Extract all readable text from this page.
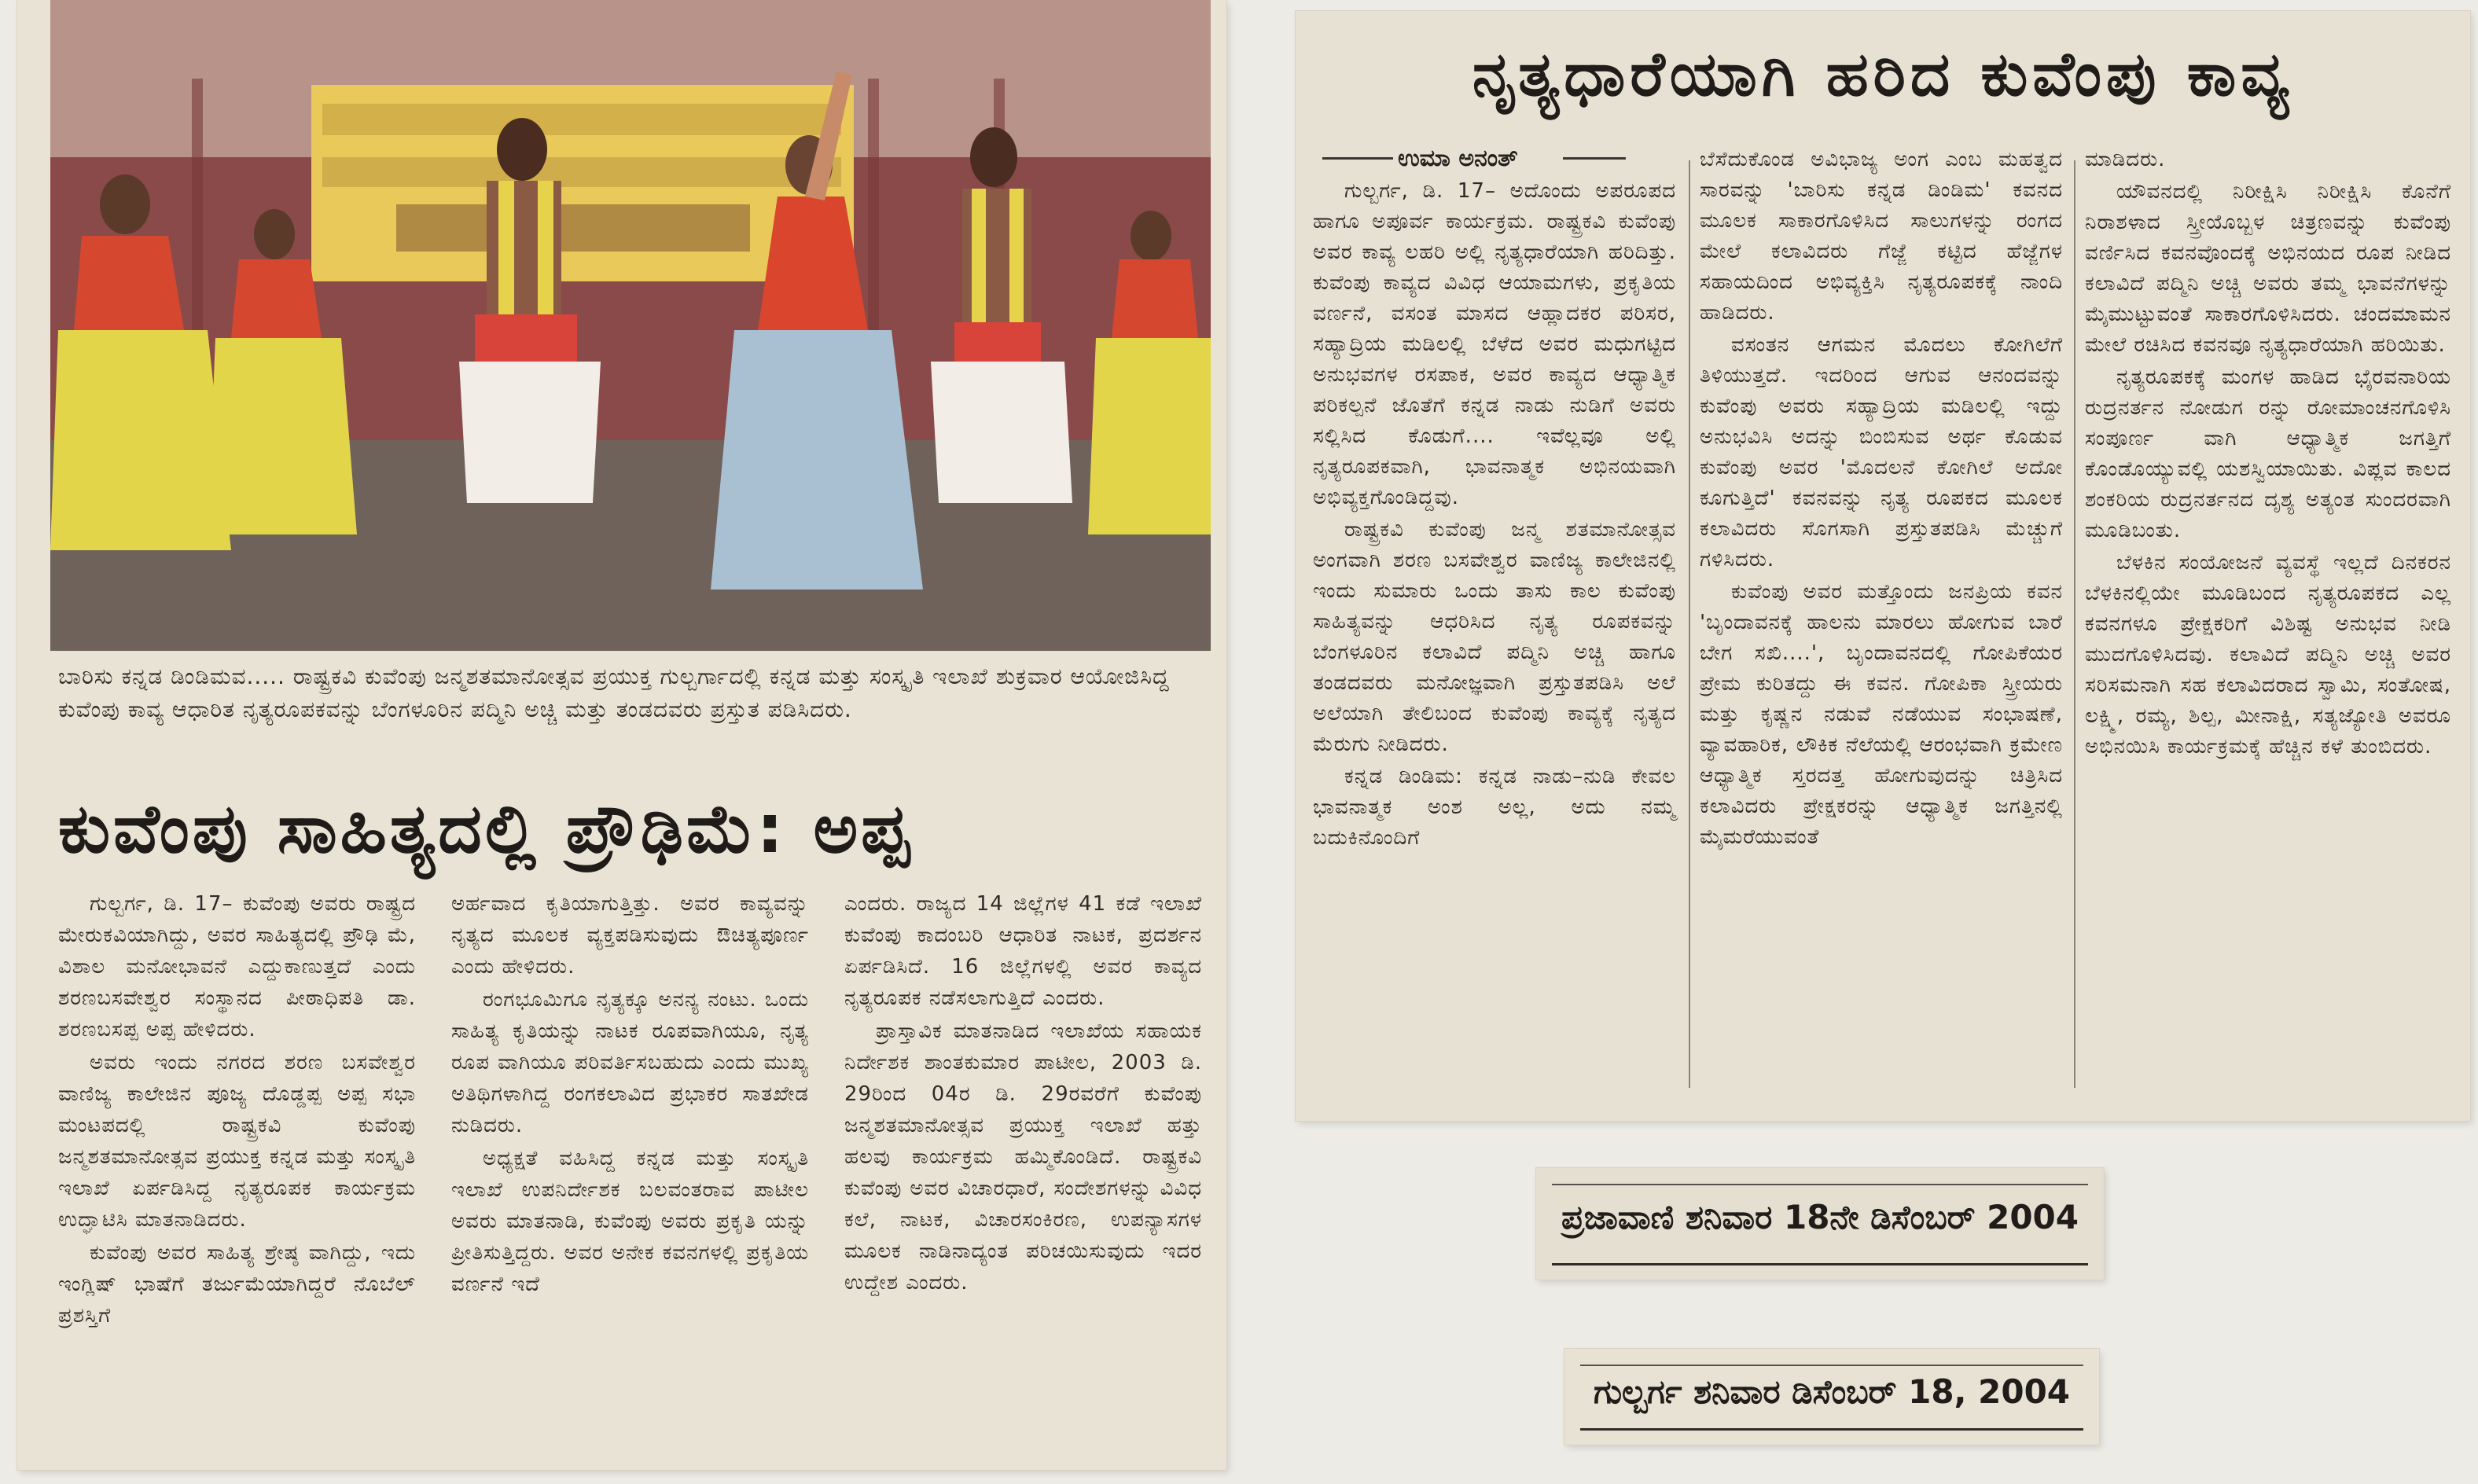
ಬಾರಿಸು ಕನ್ನಡ ಡಿಂಡಿಮವ..... ರಾಷ್ಟ್ರಕವಿ ಕುವೆಂಪು ಜನ್ಮಶತಮಾನೋತ್ಸವ ಪ್ರಯುಕ್ತ ಗುಲ್ಬರ್ಗಾದಲ್ಲಿ ಕನ್ನಡ ಮತ್ತು ಸಂಸ್ಕೃತಿ ಇಲಾಖೆ ಶುಕ್ರವಾರ ಆಯೋಜಿಸಿದ್ದ ಕುವೆಂಪು ಕಾವ್ಯ ಆಧಾರಿತ ನೃತ್ಯರೂಪಕವನ್ನು ಬೆಂಗಳೂರಿನ ಪದ್ಮಿನಿ ಅಚ್ಚಿ ಮತ್ತು ತಂಡದವರು ಪ್ರಸ್ತುತ ಪಡಿಸಿದರು.
ಕುವೆಂಪು ಸಾಹಿತ್ಯದಲ್ಲಿ ಪ್ರೌಢಿಮೆ: ಅಪ್ಪ

ಗುಲ್ಬರ್ಗ, ಡಿ. 17– ಕುವೆಂಪು ಅವರು ರಾಷ್ಟ್ರದ ಮೇರುಕವಿಯಾಗಿದ್ದು, ಅವರ ಸಾಹಿತ್ಯದಲ್ಲಿ ಪ್ರೌಢಿ ಮೆ, ವಿಶಾಲ ಮನೋಭಾವನೆ ಎದ್ದುಕಾಣುತ್ತದೆ ಎಂದು ಶರಣಬಸವೇಶ್ವರ ಸಂಸ್ಥಾನದ ಪೀಠಾಧಿಪತಿ ಡಾ. ಶರಣಬಸಪ್ಪ ಅಪ್ಪ ಹೇಳಿದರು.

ಅವರು ಇಂದು ನಗರದ ಶರಣ ಬಸವೇಶ್ವರ ವಾಣಿಜ್ಯ ಕಾಲೇಜಿನ ಪೂಜ್ಯ ದೊಡ್ಡಪ್ಪ ಅಪ್ಪ ಸಭಾ ಮಂಟಪದಲ್ಲಿ ರಾಷ್ಟ್ರಕವಿ ಕುವೆಂಪು ಜನ್ಮಶತಮಾನೋತ್ಸವ ಪ್ರಯುಕ್ತ ಕನ್ನಡ ಮತ್ತು ಸಂಸ್ಕೃತಿ ಇಲಾಖೆ ಏರ್ಪಡಿಸಿದ್ದ ನೃತ್ಯರೂಪಕ ಕಾರ್ಯಕ್ರಮ ಉದ್ಘಾಟಿಸಿ ಮಾತನಾಡಿದರು.

ಕುವೆಂಪು ಅವರ ಸಾಹಿತ್ಯ ಶ್ರೇಷ್ಠ ವಾಗಿದ್ದು, ಇದು ಇಂಗ್ಲಿಷ್ ಭಾಷೆಗೆ ತರ್ಜುಮೆಯಾಗಿದ್ದರೆ ನೊಬೆಲ್ ಪ್ರಶಸ್ತಿಗೆ

ಅರ್ಹವಾದ ಕೃತಿಯಾಗುತ್ತಿತ್ತು. ಅವರ ಕಾವ್ಯವನ್ನು ನೃತ್ಯದ ಮೂಲಕ ವ್ಯಕ್ತಪಡಿಸುವುದು ಔಚಿತ್ಯಪೂರ್ಣ ಎಂದು ಹೇಳಿದರು.

ರಂಗಭೂಮಿಗೂ ನೃತ್ಯಕ್ಕೂ ಅನನ್ಯ ನಂಟು. ಒಂದು ಸಾಹಿತ್ಯ ಕೃತಿಯನ್ನು ನಾಟಕ ರೂಪವಾಗಿಯೂ, ನೃತ್ಯ ರೂಪ ವಾಗಿಯೂ ಪರಿವರ್ತಿಸಬಹುದು ಎಂದು ಮುಖ್ಯ ಅತಿಥಿಗಳಾಗಿದ್ದ ರಂಗಕಲಾವಿದ ಪ್ರಭಾಕರ ಸಾತಖೇಡ ನುಡಿದರು.

ಅಧ್ಯಕ್ಷತೆ ವಹಿಸಿದ್ದ ಕನ್ನಡ ಮತ್ತು ಸಂಸ್ಕೃತಿ ಇಲಾಖೆ ಉಪನಿರ್ದೇಶಕ ಬಲವಂತರಾವ ಪಾಟೀಲ ಅವರು ಮಾತನಾಡಿ, ಕುವೆಂಪು ಅವರು ಪ್ರಕೃತಿ ಯನ್ನು ಪ್ರೀತಿಸುತ್ತಿದ್ದರು. ಅವರ ಅನೇಕ ಕವನಗಳಲ್ಲಿ ಪ್ರಕೃತಿಯ ವರ್ಣನೆ ಇದೆ

ಎಂದರು. ರಾಜ್ಯದ 14 ಜಿಲ್ಲೆಗಳ 41 ಕಡೆ ಇಲಾಖೆ ಕುವೆಂಪು ಕಾದಂಬರಿ ಆಧಾರಿತ ನಾಟಕ, ಪ್ರದರ್ಶನ ಏರ್ಪಡಿಸಿದೆ. 16 ಜಿಲ್ಲೆಗಳಲ್ಲಿ ಅವರ ಕಾವ್ಯದ ನೃತ್ಯರೂಪಕ ನಡೆಸಲಾಗುತ್ತಿದೆ ಎಂದರು.

ಪ್ರಾಸ್ತಾವಿಕ ಮಾತನಾಡಿದ ಇಲಾಖೆಯ ಸಹಾಯಕ ನಿರ್ದೇಶಕ ಶಾಂತಕುಮಾರ ಪಾಟೀಲ, 2003 ಡಿ. 29ರಿಂದ 04ರ ಡಿ. 29ರವರೆಗೆ ಕುವೆಂಪು ಜನ್ಮಶತಮಾನೋತ್ಸವ ಪ್ರಯುಕ್ತ ಇಲಾಖೆ ಹತ್ತು ಹಲವು ಕಾರ್ಯಕ್ರಮ ಹಮ್ಮಿಕೊಂಡಿದೆ. ರಾಷ್ಟ್ರಕವಿ ಕುವೆಂಪು ಅವರ ವಿಚಾರಧಾರೆ, ಸಂದೇಶಗಳನ್ನು ವಿವಿಧ ಕಲೆ, ನಾಟಕ, ವಿಚಾರಸಂಕಿರಣ, ಉಪನ್ಯಾಸಗಳ ಮೂಲಕ ನಾಡಿನಾದ್ಯಂತ ಪರಿಚಯಿಸುವುದು ಇದರ ಉದ್ದೇಶ ಎಂದರು.

ನೃತ್ಯಧಾರೆಯಾಗಿ ಹರಿದ ಕುವೆಂಪು ಕಾವ್ಯ
ಉಮಾ ಅನಂತ್

ಗುಲ್ಬರ್ಗ, ಡಿ. 17– ಅದೊಂದು ಅಪರೂಪದ ಹಾಗೂ ಅಪೂರ್ವ ಕಾರ್ಯಕ್ರಮ. ರಾಷ್ಟ್ರಕವಿ ಕುವೆಂಪು ಅವರ ಕಾವ್ಯ ಲಹರಿ ಅಲ್ಲಿ ನೃತ್ಯಧಾರೆಯಾಗಿ ಹರಿದಿತ್ತು. ಕುವೆಂಪು ಕಾವ್ಯದ ವಿವಿಧ ಆಯಾಮಗಳು, ಪ್ರಕೃತಿಯ ವರ್ಣನೆ, ವಸಂತ ಮಾಸದ ಆಹ್ಲಾದಕರ ಪರಿಸರ, ಸಹ್ಯಾದ್ರಿಯ ಮಡಿಲಲ್ಲಿ ಬೆಳೆದ ಅವರ ಮಧುಗಟ್ಟಿದ ಅನುಭವಗಳ ರಸಪಾಕ, ಅವರ ಕಾವ್ಯದ ಆಧ್ಯಾತ್ಮಿಕ ಪರಿಕಲ್ಪನೆ ಜೊತೆಗೆ ಕನ್ನಡ ನಾಡು ನುಡಿಗೆ ಅವರು ಸಲ್ಲಿಸಿದ ಕೊಡುಗೆ.... ಇವೆಲ್ಲವೂ ಅಲ್ಲಿ ನೃತ್ಯರೂಪಕವಾಗಿ, ಭಾವನಾತ್ಮಕ ಅಭಿನಯವಾಗಿ ಅಭಿವ್ಯಕ್ತಗೊಂಡಿದ್ದವು.

ರಾಷ್ಟ್ರಕವಿ ಕುವೆಂಪು ಜನ್ಮ ಶತಮಾನೋತ್ಸವ ಅಂಗವಾಗಿ ಶರಣ ಬಸವೇಶ್ವರ ವಾಣಿಜ್ಯ ಕಾಲೇಜಿನಲ್ಲಿ ಇಂದು ಸುಮಾರು ಒಂದು ತಾಸು ಕಾಲ ಕುವೆಂಪು ಸಾಹಿತ್ಯವನ್ನು ಆಧರಿಸಿದ ನೃತ್ಯ ರೂಪಕವನ್ನು ಬೆಂಗಳೂರಿನ ಕಲಾವಿದೆ ಪದ್ಮಿನಿ ಅಚ್ಚಿ ಹಾಗೂ ತಂಡದವರು ಮನೋಜ್ಞವಾಗಿ ಪ್ರಸ್ತುತಪಡಿಸಿ ಅಲೆ ಅಲೆಯಾಗಿ ತೇಲಿಬಂದ ಕುವೆಂಪು ಕಾವ್ಯಕ್ಕೆ ನೃತ್ಯದ ಮೆರುಗು ನೀಡಿದರು.

ಕನ್ನಡ ಡಿಂಡಿಮ: ಕನ್ನಡ ನಾಡು–ನುಡಿ ಕೇವಲ ಭಾವನಾತ್ಮಕ ಅಂಶ ಅಲ್ಲ, ಅದು ನಮ್ಮ ಬದುಕಿನೊಂದಿಗೆ

ಬೆಸೆದುಕೊಂಡ ಅವಿಭಾಜ್ಯ ಅಂಗ ಎಂಬ ಮಹತ್ವದ ಸಾರವನ್ನು 'ಬಾರಿಸು ಕನ್ನಡ ಡಿಂಡಿಮ' ಕವನದ ಮೂಲಕ ಸಾಕಾರಗೊಳಿಸಿದ ಸಾಲುಗಳನ್ನು ರಂಗದ ಮೇಲೆ ಕಲಾವಿದರು ಗೆಜ್ಜೆ ಕಟ್ಟಿದ ಹೆಜ್ಜೆಗಳ ಸಹಾಯದಿಂದ ಅಭಿವ್ಯಕ್ತಿಸಿ ನೃತ್ಯರೂಪಕಕ್ಕೆ ನಾಂದಿ ಹಾಡಿದರು.

ವಸಂತನ ಆಗಮನ ಮೊದಲು ಕೋಗಿಲೆಗೆ ತಿಳಿಯುತ್ತದೆ. ಇದರಿಂದ ಆಗುವ ಆನಂದವನ್ನು ಕುವೆಂಪು ಅವರು ಸಹ್ಯಾದ್ರಿಯ ಮಡಿಲಲ್ಲಿ ಇದ್ದು ಅನುಭವಿಸಿ ಅದನ್ನು ಬಿಂಬಿಸುವ ಅರ್ಥ ಕೊಡುವ ಕುವೆಂಪು ಅವರ 'ಮೊದಲನೆ ಕೋಗಿಲೆ ಅದೋ ಕೂಗುತ್ತಿದೆ' ಕವನವನ್ನು ನೃತ್ಯ ರೂಪಕದ ಮೂಲಕ ಕಲಾವಿದರು ಸೊಗಸಾಗಿ ಪ್ರಸ್ತುತಪಡಿಸಿ ಮೆಚ್ಚುಗೆ ಗಳಿಸಿದರು.

ಕುವೆಂಪು ಅವರ ಮತ್ತೊಂದು ಜನಪ್ರಿಯ ಕವನ 'ಬೃಂದಾವನಕ್ಕೆ ಹಾಲನು ಮಾರಲು ಹೋಗುವ ಬಾರೆ ಬೇಗ ಸಖಿ....', ಬೃಂದಾವನದಲ್ಲಿ ಗೋಪಿಕೆಯರ ಪ್ರೇಮ ಕುರಿತದ್ದು ಈ ಕವನ. ಗೋಪಿಕಾ ಸ್ತ್ರೀಯರು ಮತ್ತು ಕೃಷ್ಣನ ನಡುವೆ ನಡೆಯುವ ಸಂಭಾಷಣೆ, ವ್ಯಾವಹಾರಿಕ, ಲೌಕಿಕ ನೆಲೆಯಲ್ಲಿ ಆರಂಭವಾಗಿ ಕ್ರಮೇಣ ಆಧ್ಯಾತ್ಮಿಕ ಸ್ತರದತ್ತ ಹೋಗುವುದನ್ನು ಚಿತ್ರಿಸಿದ ಕಲಾವಿದರು ಪ್ರೇಕ್ಷಕರನ್ನು ಆಧ್ಯಾತ್ಮಿಕ ಜಗತ್ತಿನಲ್ಲಿ ಮೈಮರೆಯುವಂತೆ

ಮಾಡಿದರು.

ಯೌವನದಲ್ಲಿ ನಿರೀಕ್ಷಿಸಿ ನಿರೀಕ್ಷಿಸಿ ಕೊನೆಗೆ ನಿರಾಶಳಾದ ಸ್ತ್ರೀಯೊಬ್ಬಳ ಚಿತ್ರಣವನ್ನು ಕುವೆಂಪು ವರ್ಣಿಸಿದ ಕವನವೊಂದಕ್ಕೆ ಅಭಿನಯದ ರೂಪ ನೀಡಿದ ಕಲಾವಿದೆ ಪದ್ಮಿನಿ ಅಚ್ಚಿ ಅವರು ತಮ್ಮ ಭಾವನೆಗಳನ್ನು ಮೈಮುಟ್ಟುವಂತೆ ಸಾಕಾರಗೊಳಿಸಿದರು. ಚಂದಮಾಮನ ಮೇಲೆ ರಚಿಸಿದ ಕವನವೂ ನೃತ್ಯಧಾರೆಯಾಗಿ ಹರಿಯಿತು.

ನೃತ್ಯರೂಪಕಕ್ಕೆ ಮಂಗಳ ಹಾಡಿದ ಭೈರವನಾರಿಯ ರುದ್ರನರ್ತನ ನೋಡುಗ ರನ್ನು ರೋಮಾಂಚನಗೊಳಿಸಿ ಸಂಪೂರ್ಣ ವಾಗಿ ಆಧ್ಯಾತ್ಮಿಕ ಜಗತ್ತಿಗೆ ಕೊಂಡೊಯ್ಯುವಲ್ಲಿ ಯಶಸ್ವಿಯಾಯಿತು. ವಿಪ್ಲವ ಕಾಲದ ಶಂಕರಿಯ ರುದ್ರನರ್ತನದ ದೃಶ್ಯ ಅತ್ಯಂತ ಸುಂದರವಾಗಿ ಮೂಡಿಬಂತು.

ಬೆಳಕಿನ ಸಂಯೋಜನೆ ವ್ಯವಸ್ಥೆ ಇಲ್ಲದೆ ದಿನಕರನ ಬೆಳಕಿನಲ್ಲಿಯೇ ಮೂಡಿಬಂದ ನೃತ್ಯರೂಪಕದ ಎಲ್ಲ ಕವನಗಳೂ ಪ್ರೇಕ್ಷಕರಿಗೆ ವಿಶಿಷ್ಟ ಅನುಭವ ನೀಡಿ ಮುದಗೊಳಿಸಿದವು. ಕಲಾವಿದೆ ಪದ್ಮಿನಿ ಅಚ್ಚಿ ಅವರ ಸರಿಸಮನಾಗಿ ಸಹ ಕಲಾವಿದರಾದ ಸ್ವಾಮಿ, ಸಂತೋಷ, ಲಕ್ಷ್ಮಿ, ರಮ್ಯ, ಶಿಲ್ಪ, ಮೀನಾಕ್ಷಿ, ಸತ್ಯಜ್ಯೋತಿ ಅವರೂ ಅಭಿನಯಿಸಿ ಕಾರ್ಯಕ್ರಮಕ್ಕೆ ಹೆಚ್ಚಿನ ಕಳೆ ತುಂಬಿದರು.

ಪ್ರಜಾವಾಣಿ ಶನಿವಾರ 18ನೇ ಡಿಸೆಂಬರ್ 2004
ಗುಲ್ಬರ್ಗ ಶನಿವಾರ ಡಿಸೆಂಬರ್ 18, 2004
